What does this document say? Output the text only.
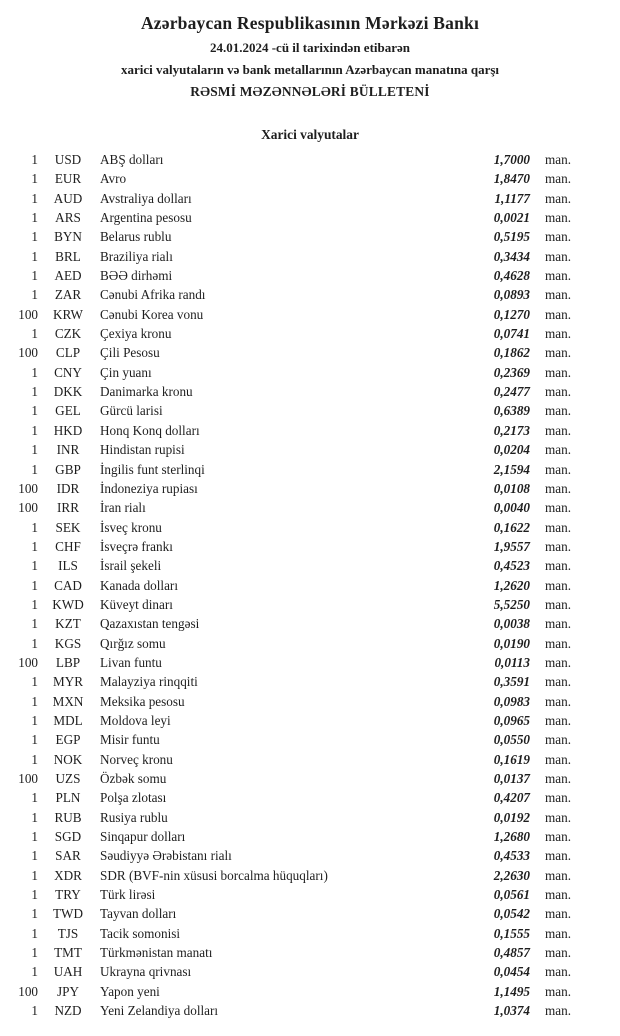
Azərbaycan Respublikasının Mərkəzi Bankı
24.01.2024 -cü il tarixindən etibarən
xarici valyutaların və bank metallarının Azərbaycan manatına qarşı
RƏSMİ MƏZƏNNƏLƏRİ BÜLLETENİ
Xarici valyutalar
1	USD	ABŞ dolları	1,7000	man.
1	EUR	Avro	1,8470	man.
1	AUD	Avstraliya dolları	1,1177	man.
1	ARS	Argentina pesosu	0,0021	man.
1	BYN	Belarus rublu	0,5195	man.
1	BRL	Braziliya rialı	0,3434	man.
1	AED	BƏƏ dirhəmi	0,4628	man.
1	ZAR	Cənubi Afrika randı	0,0893	man.
100	KRW	Cənubi Korea vonu	0,1270	man.
1	CZK	Çexiya kronu	0,0741	man.
100	CLP	Çili Pesosu	0,1862	man.
1	CNY	Çin yuanı	0,2369	man.
1	DKK	Danimarka kronu	0,2477	man.
1	GEL	Gürcü larisi	0,6389	man.
1	HKD	Honq Konq dolları	0,2173	man.
1	INR	Hindistan rupisi	0,0204	man.
1	GBP	İngilis funt sterlinqi	2,1594	man.
100	IDR	İndoneziya rupiası	0,0108	man.
100	IRR	İran rialı	0,0040	man.
1	SEK	İsveç kronu	0,1622	man.
1	CHF	İsveçrə frankı	1,9557	man.
1	ILS	İsrail şekeli	0,4523	man.
1	CAD	Kanada dolları	1,2620	man.
1	KWD	Küveyt dinarı	5,5250	man.
1	KZT	Qazaxıstan tengəsi	0,0038	man.
1	KGS	Qırğız somu	0,0190	man.
100	LBP	Livan funtu	0,0113	man.
1	MYR	Malayziya rinqqiti	0,3591	man.
1	MXN	Meksika pesosu	0,0983	man.
1	MDL	Moldova leyi	0,0965	man.
1	EGP	Misir funtu	0,0550	man.
1	NOK	Norveç kronu	0,1619	man.
100	UZS	Özbək somu	0,0137	man.
1	PLN	Polşa zlotası	0,4207	man.
1	RUB	Rusiya rublu	0,0192	man.
1	SGD	Sinqapur dolları	1,2680	man.
1	SAR	Səudiyyə Ərəbistanı rialı	0,4533	man.
1	XDR	SDR (BVF-nin xüsusi borcalma hüquqları)	2,2630	man.
1	TRY	Türk lirəsi	0,0561	man.
1	TWD	Tayvan dolları	0,0542	man.
1	TJS	Tacik somonisi	0,1555	man.
1	TMT	Türkmənistan manatı	0,4857	man.
1	UAH	Ukrayna qrivnası	0,0454	man.
100	JPY	Yapon yeni	1,1495	man.
1	NZD	Yeni Zelandiya dolları	1,0374	man.
